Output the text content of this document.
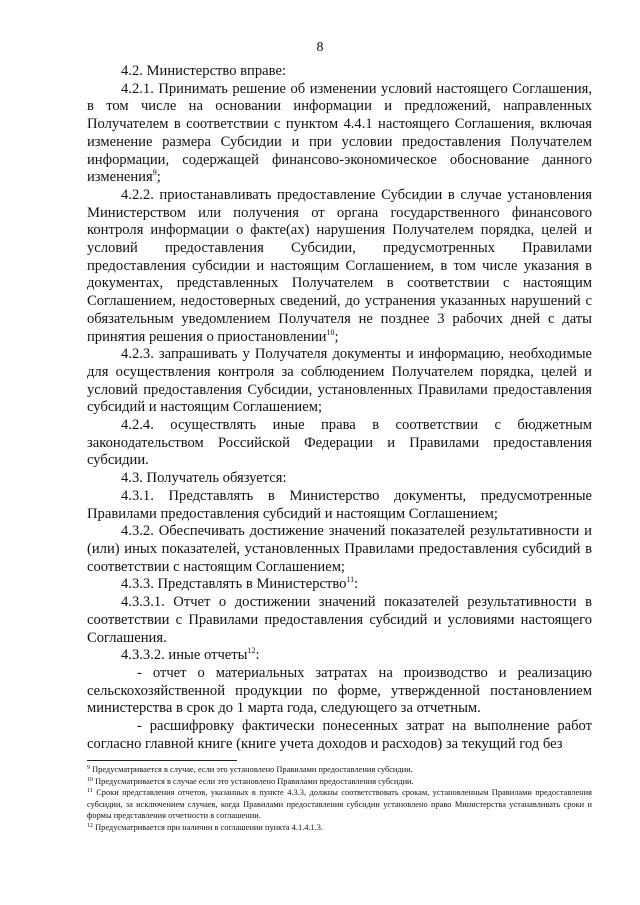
8

4.2. Министерство вправе:

4.2.1. Принимать решение об изменении условий настоящего Соглашения, в том числе на основании информации и предложений, направленных Получателем в соответствии с пунктом 4.4.1 настоящего Соглашения, включая изменение размера Субсидии и при условии предоставления Получателем информации, содержащей финансово-экономическое обоснование данного изменения$^9$;

4.2.2. приостанавливать предоставление Субсидии в случае установления Министерством или получения от органа государственного финансового контроля информации о факте(ах) нарушения Получателем порядка, целей и условий предоставления Субсидии, предусмотренных Правилами предоставления субсидии и настоящим Соглашением, в том числе указания в документах, представленных Получателем в соответствии с настоящим Соглашением, недостоверных сведений, до устранения указанных нарушений с обязательным уведомлением Получателя не позднее 3 рабочих дней с даты принятия решения о приостановлении$^{10}$;

4.2.3. запрашивать у Получателя документы и информацию, необходимые для осуществления контроля за соблюдением Получателем порядка, целей и условий предоставления Субсидии, установленных Правилами предоставления субсидий и настоящим Соглашением;

4.2.4. осуществлять иные права в соответствии с бюджетным законодательством Российской Федерации и Правилами предоставления субсидии.

4.3. Получатель обязуется:

4.3.1. Представлять в Министерство документы, предусмотренные Правилами предоставления субсидий и настоящим Соглашением;

4.3.2. Обеспечивать достижение значений показателей результативности и (или) иных показателей, установленных Правилами предоставления субсидий в соответствии с настоящим Соглашением;

4.3.3. Представлять в Министерство$^{11}$:

4.3.3.1. Отчет о достижении значений показателей результативности в соответствии с Правилами предоставления субсидий и условиями настоящего Соглашения.

4.3.3.2. иные отчеты$^{12}$:

- отчет о материальных затратах на производство и реализацию сельскохозяйственной продукции по форме, утвержденной постановлением министерства в срок до 1 марта года, следующего за отчетным.

- расшифровку фактически понесенных затрат на выполнение работ согласно главной книге (книге учета доходов и расходов) за текущий год без

$^9$ Предусматривается в случае, если это установлено Правилами предоставления субсидии.

$^{10}$ Предусматривается в случае если это установлено Правилами предоставления субсидии.

$^{11}$ Сроки представления отчетов, указанных в пункте 4.3.3, должны соответствовать срокам, установленным Правилами предоставления субсидии, за исключением случаев, когда Правилами предоставления субсидии установлено право Министерства устанавливать сроки и формы представления отчетности в соглашении.

$^{12}$ Предусматривается при наличии в соглашении пункта 4.1.4.1.3.
